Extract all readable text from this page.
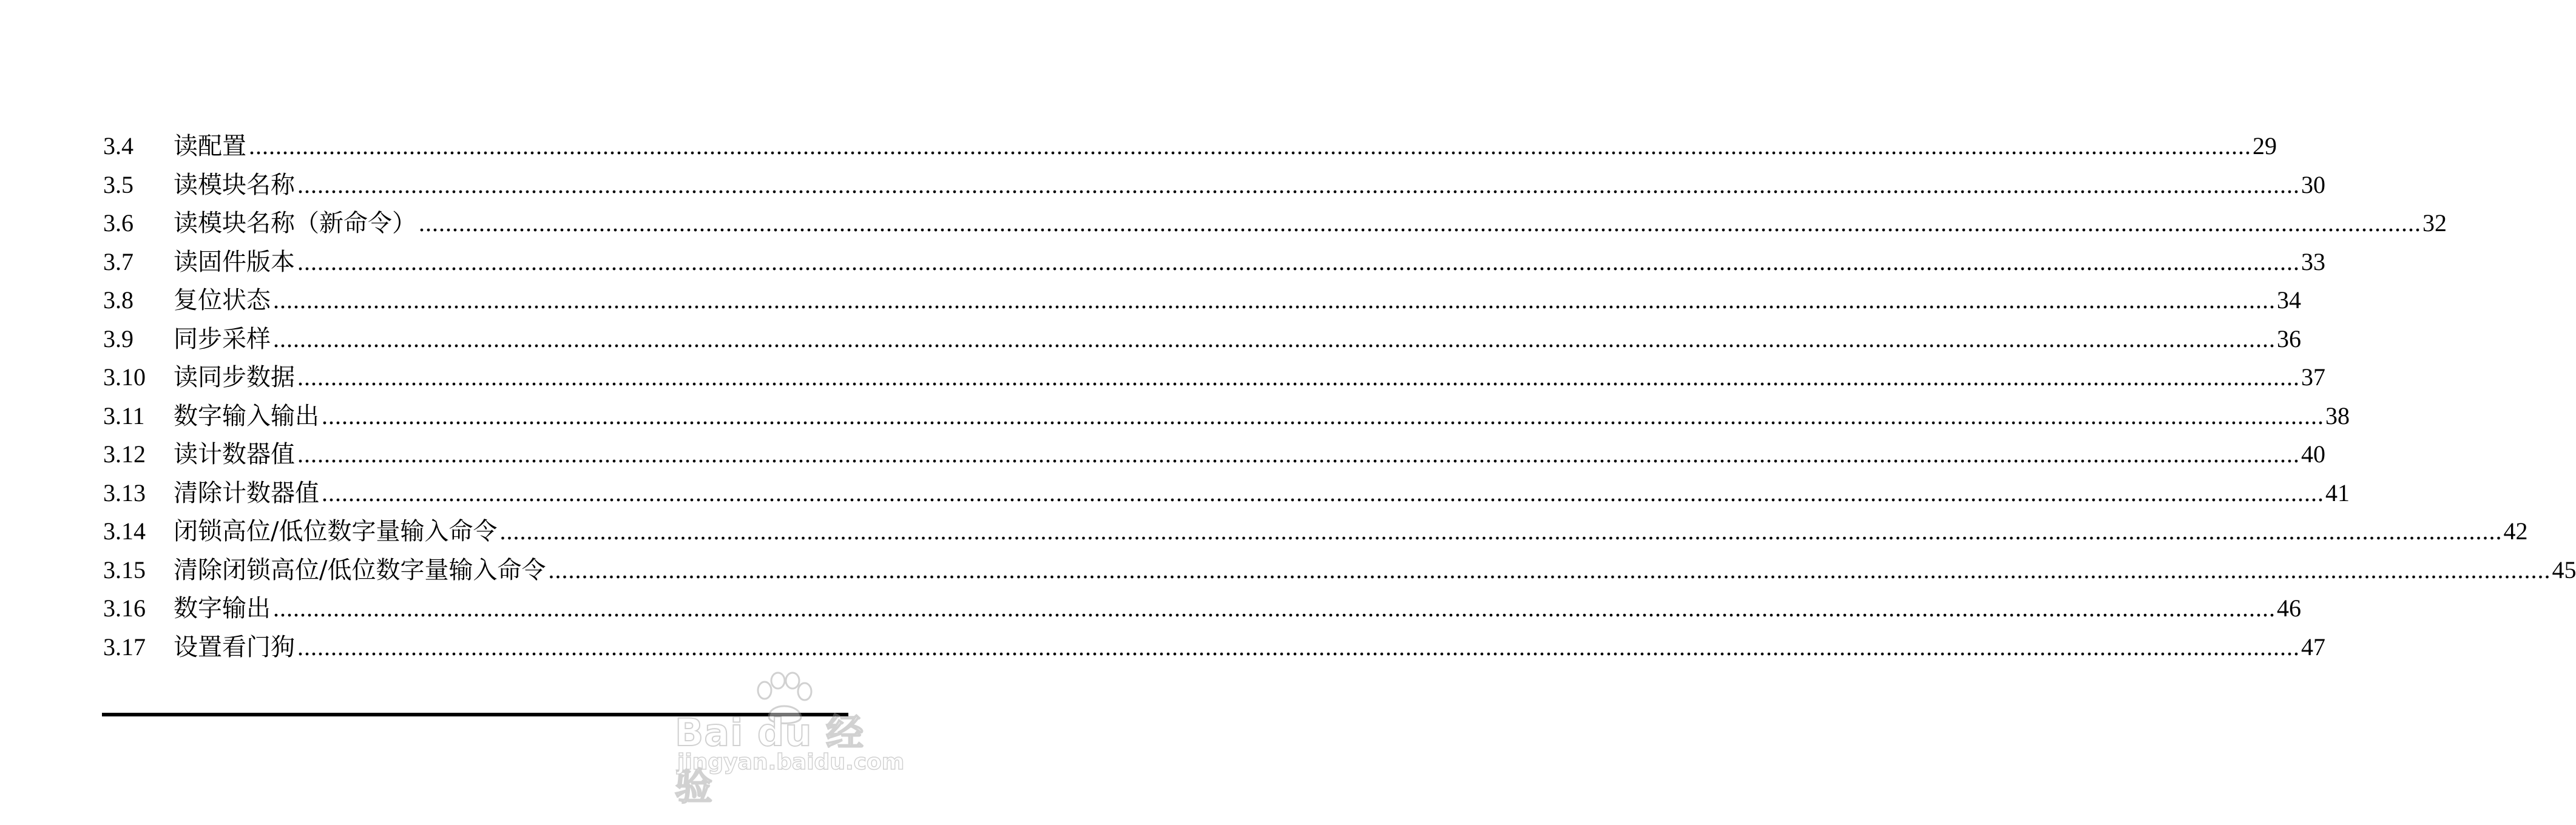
3.4	读配置 ............................................................................................................................................................................................................................................................................................................ 29
3.5	读模块名称 ............................................................................................................................................................................................................................................................................................................ 30
3.6	读模块名称（新命令） ............................................................................................................................................................................................................................................................................................................ 32
3.7	读固件版本 ............................................................................................................................................................................................................................................................................................................ 33
3.8	复位状态 ............................................................................................................................................................................................................................................................................................................ 34
3.9	同步采样 ............................................................................................................................................................................................................................................................................................................ 36
3.10	读同步数据 ............................................................................................................................................................................................................................................................................................................ 37
3.11	数字输入输出 ............................................................................................................................................................................................................................................................................................................ 38
3.12	读计数器值 ............................................................................................................................................................................................................................................................................................................ 40
3.13	清除计数器值 ............................................................................................................................................................................................................................................................................................................ 41
3.14	闭锁高位/低位数字量输入命令 ............................................................................................................................................................................................................................................................................................................ 42
3.15	清除闭锁高位/低位数字量输入命令 ............................................................................................................................................................................................................................................................................................................ 45
3.16	数字输出 ............................................................................................................................................................................................................................................................................................................ 46
3.17	设置看门狗 ............................................................................................................................................................................................................................................................................................................ 47
Bai du 经验
jingyan.baidu.com
